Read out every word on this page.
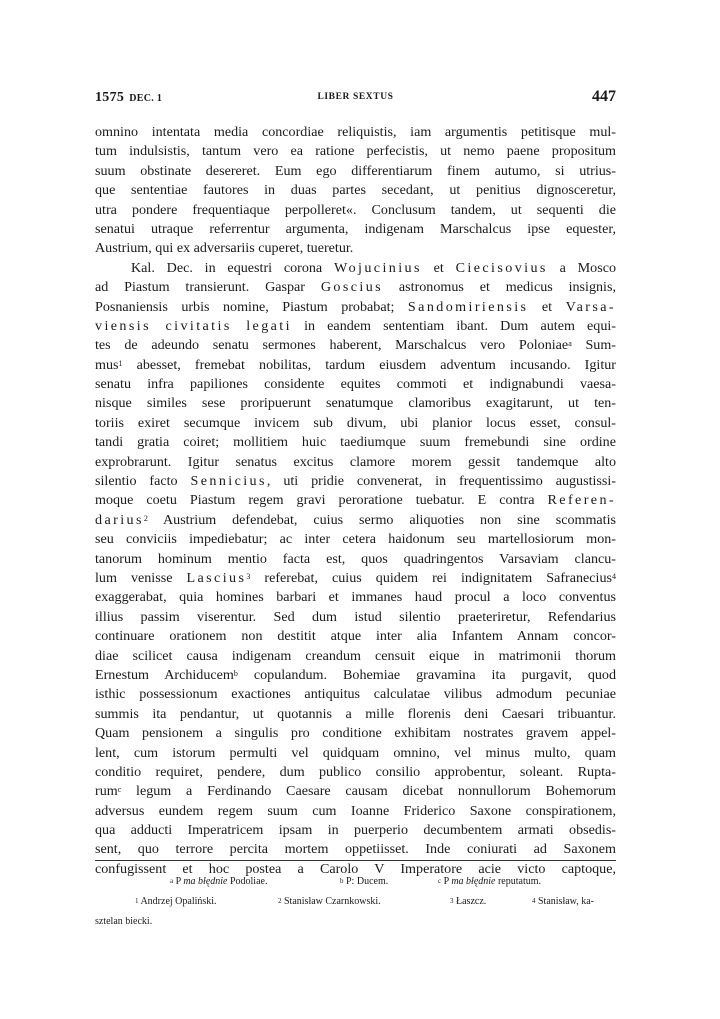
1575 DEC. 1	LIBER SEXTUS	447
omnino intentata media concordiae reliquistis, iam argumentis petitisque mul-
tum indulsistis, tantum vero ea ratione perfecistis, ut nemo paene propositum
suum obstinate desereret. Eum ego differentiarum finem autumo, si utrius-
que sententiae fautores in duas partes secedant, ut penitius dignosceretur,
utra pondere frequentiaque perpolleret«. Conclusum tandem, ut sequenti die
senatui utraque referrentur argumenta, indigenam Marschalcus ipse equester,
Austrium, qui ex adversariis cuperet, tueretur.
Kal. Dec. in equestri corona Wojucinius et Ciecisovius a Mosco
ad Piastum transierunt. Gaspar Goscius astronomus et medicus insignis,
Posnaniensis urbis nomine, Piastum probabat; Sandomiriensis et Varsa-
viensis civitatis legati in eandem sententiam ibant. Dum autem equi-
tes de adeundo senatu sermones haberent, Marschalcus vero Poloniae$^a$ Sum-
mus$^1$ abesset, fremebat nobilitas, tardum eiusdem adventum incusando. Igitur
senatu infra papiliones considente equites commoti et indignabundi vaesa-
nisque similes sese proripuerunt senatumque clamoribus exagitarunt, ut ten-
toriis exiret secumque invicem sub divum, ubi planior locus esset, consul-
tandi gratia coiret; mollitiem huic taediumque suum fremebundi sine ordine
exprobrarunt. Igitur senatus excitus clamore morem gessit tandemque alto
silentio facto Sennicius, uti pridie convenerat, in frequentissimo augustissi-
moque coetu Piastum regem gravi peroratione tuebatur. E contra Referen-
darius$^2$ Austrium defendebat, cuius sermo aliquoties non sine scommatis
seu conviciis impediebatur; ac inter cetera haidonum seu martellosiorum mon-
tanorum hominum mentio facta est, quos quadringentos Varsaviam clancu-
lum venisse Lascius$^3$ referebat, cuius quidem rei indignitatem Safranecius$^4$
exaggerabat, quia homines barbari et immanes haud procul a loco conventus
illius passim viserentur. Sed dum istud silentio praeteriretur, Refendarius
continuare orationem non destitit atque inter alia Infantem Annam concor-
diae scilicet causa indigenam creandum censuit eique in matrimonii thorum
Ernestum Archiducem$^b$ copulandum. Bohemiae gravamina ita purgavit, quod
isthic possessionum exactiones antiquitus calculatae vilibus admodum pecuniae
summis ita pendantur, ut quotannis a mille florenis deni Caesari tribuantur.
Quam pensionem a singulis pro conditione exhibitam nostrates gravem appel-
lent, cum istorum permulti vel quidquam omnino, vel minus multo, quam
conditio requiret, pendere, dum publico consilio approbentur, soleant. Rupta-
rum$^c$ legum a Ferdinando Caesare causam dicebat nonnullorum Bohemorum
adversus eundem regem suum cum Ioanne Friderico Saxone conspirationem,
qua adducti Imperatricem ipsam in puerperio decumbentem armati obsedis-
sent, quo terrore percita mortem oppetiisset. Inde coniurati ad Saxonem
confugissent et hoc postea a Carolo V Imperatore acie victo captoque,
$^a$ P ma błędnie Podoliae.	$^b$ P: Ducem.	$^c$ P ma błędnie reputatum.
$^1$ Andrzej Opaliński.	$^2$ Stanisław Czarnkowski.	$^3$ Łaszcz.	$^4$ Stanisław, ka-
sztelan biecki.
